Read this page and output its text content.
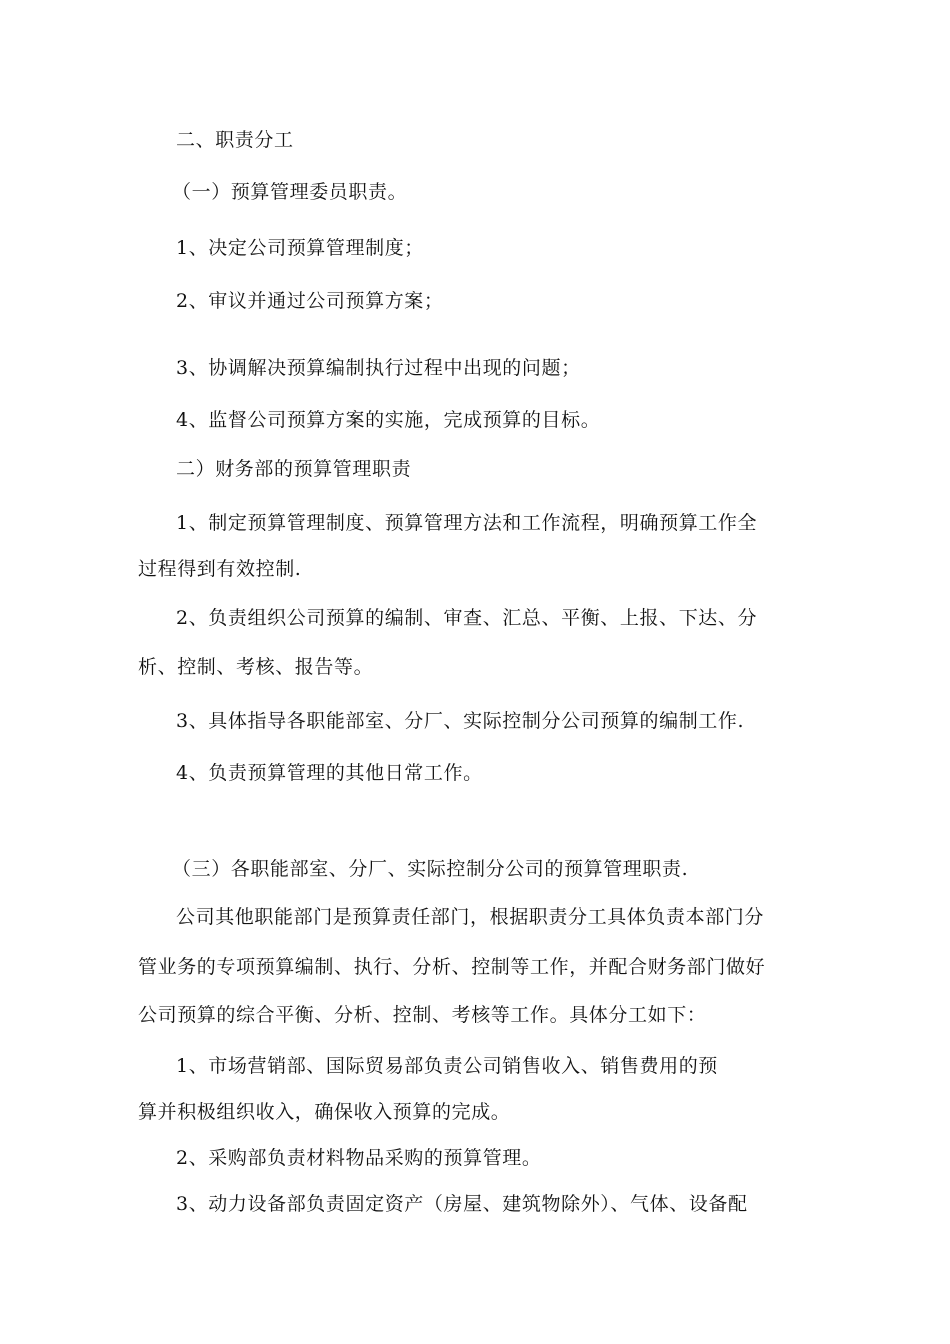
二、职责分工
（一）预算管理委员职责。
1、决定公司预算管理制度；
2、审议并通过公司预算方案；
3、协调解决预算编制执行过程中出现的问题；
4、监督公司预算方案的实施，完成预算的目标。
二）财务部的预算管理职责
1、制定预算管理制度、预算管理方法和工作流程，明确预算工作全
过程得到有效控制.
2、负责组织公司预算的编制、审查、汇总、平衡、上报、下达、分
析、控制、考核、报告等。
3、具体指导各职能部室、分厂、实际控制分公司预算的编制工作.
4、负责预算管理的其他日常工作。
（三）各职能部室、分厂、实际控制分公司的预算管理职责.
公司其他职能部门是预算责任部门，根据职责分工具体负责本部门分
管业务的专项预算编制、执行、分析、控制等工作，并配合财务部门做好
公司预算的综合平衡、分析、控制、考核等工作。具体分工如下：
1、市场营销部、国际贸易部负责公司销售收入、销售费用的预
算并积极组织收入，确保收入预算的完成。
2、采购部负责材料物品采购的预算管理。
3、动力设备部负责固定资产（房屋、建筑物除外）、气体、设备配
